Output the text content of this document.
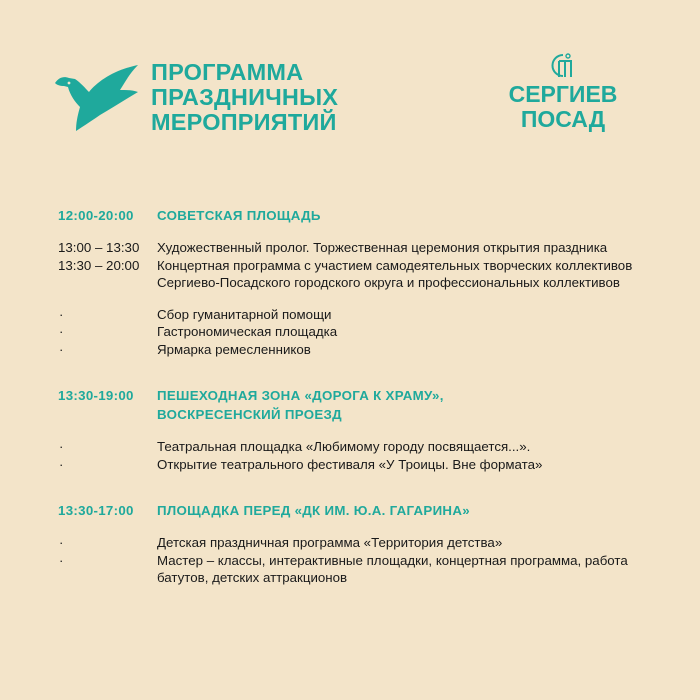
ПРОГРАММА
ПРАЗДНИЧНЫХ
МЕРОПРИЯТИЙ
СЕРГИЕВ
ПОСАД
12:00-20:00	СОВЕТСКАЯ ПЛОЩАДЬ
13:00 – 13:30	Художественный пролог. Торжественная церемония открытия праздника
13:30 – 20:00	Концертная программа с участием самодеятельных творческих коллективов Сергиево-Посадского городского округа и профессиональных коллективов
·	Сбор гуманитарной помощи
·	Гастрономическая площадка
·	Ярмарка ремесленников
13:30-19:00	ПЕШЕХОДНАЯ ЗОНА «ДОРОГА К ХРАМУ», ВОСКРЕСЕНСКИЙ ПРОЕЗД
·	Театральная площадка «Любимому городу посвящается...».
·	Открытие театрального фестиваля «У Троицы. Вне формата»
13:30-17:00	ПЛОЩАДКА ПЕРЕД «ДК ИМ. Ю.А. ГАГАРИНА»
·	Детская праздничная программа «Территория детства»
·	Мастер – классы, интерактивные площадки, концертная программа, работа батутов, детских аттракционов
